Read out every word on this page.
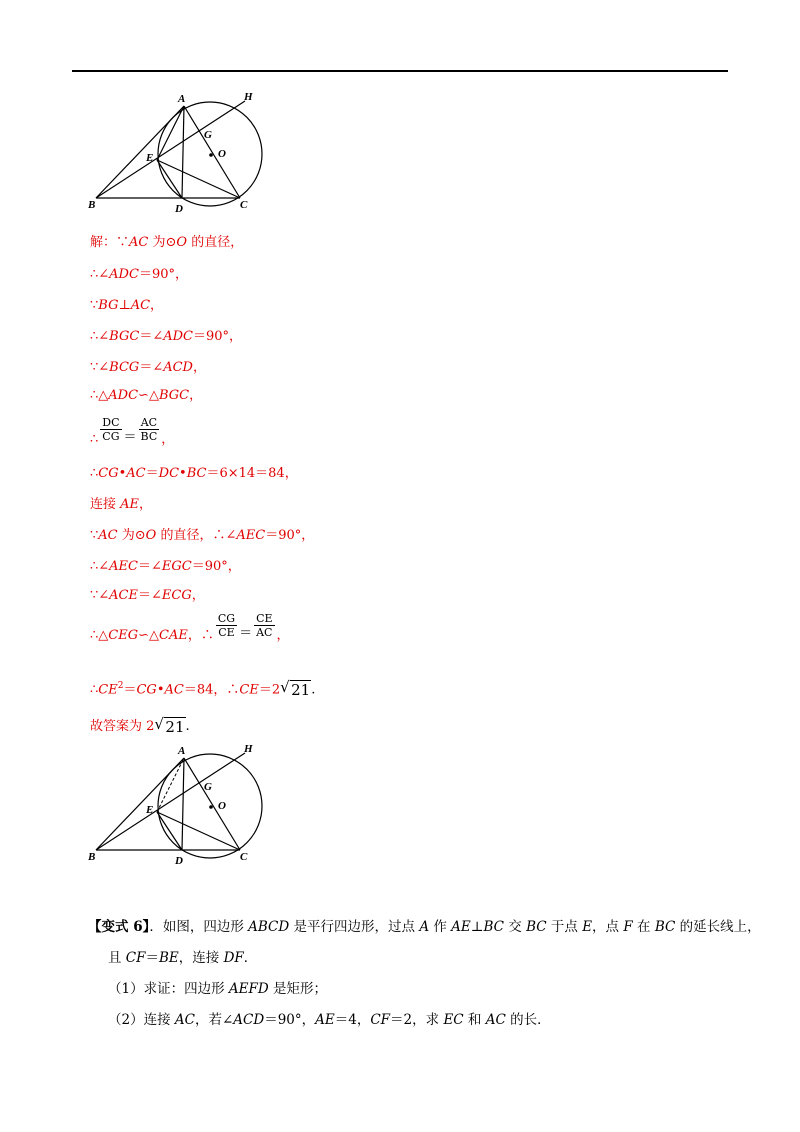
A	H
G
E	O
B	D	C
解：∵AC 为⊙O 的直径，
∴∠ADC＝90°，
∵BG⊥AC，
∴∠BGC＝∠ADC＝90°，
∵∠BCG＝∠ACD，
∴△ADC∽△BGC，
∴ $\frac{DC}{CG} = \frac{AC}{BC}$ ，
∴CG•AC＝DC•BC＝6×14＝84，
连接 AE，
∵AC 为⊙O 的直径，∴∠AEC＝90°，
∴∠AEC＝∠EGC＝90°，
∵∠ACE＝∠ECG，
∴△CEG∽△CAE，∴ $\frac{CG}{CE} = \frac{CE}{AC}$ ，
$\therefore CE^2=CG•AC=84$，∴CE＝2 √ 21.
故答案为 2 √ 21.
A	H
G
E	O
B	D	C
【变式 6】．如图，四边形 ABCD 是平行四边形，过点 A 作 AE⊥BC 交 BC 于点 E，点 F 在 BC 的延长线上，
且 CF＝BE，连接 DF．
（1）求证：四边形 AEFD 是矩形；
（2）连接 AC，若∠ACD＝90°，AE＝4，CF＝2，求 EC 和 AC 的长．
